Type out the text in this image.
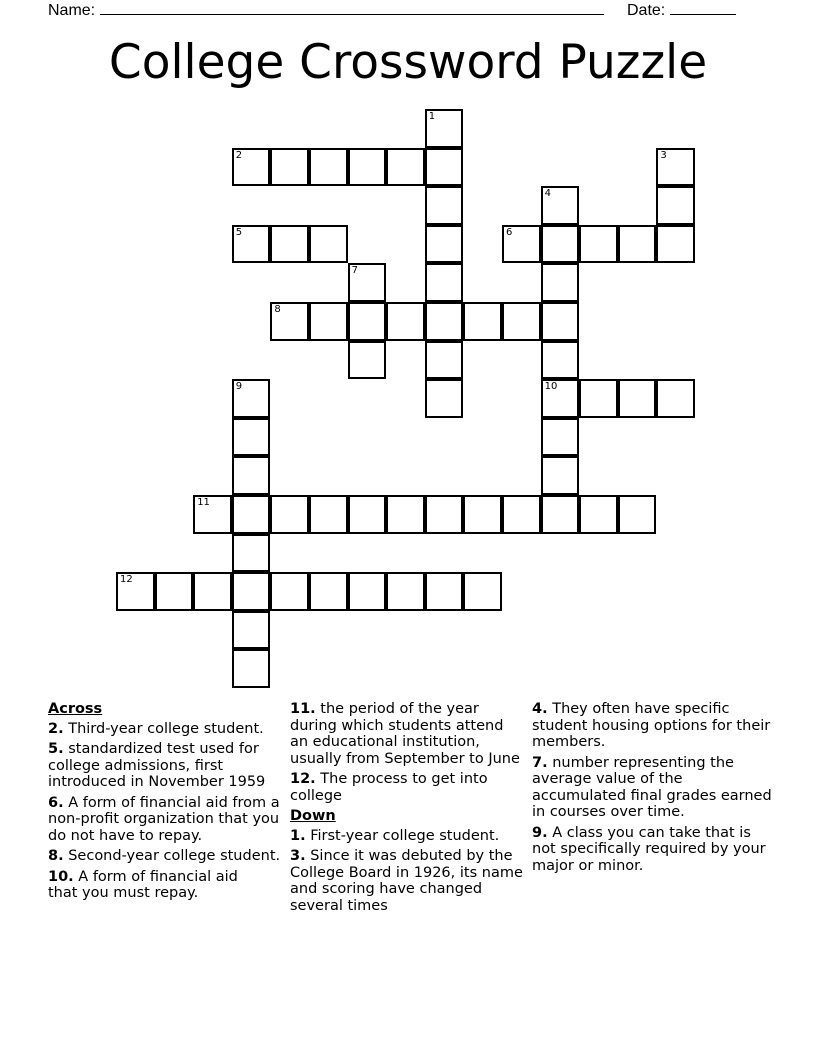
Name:	Date:
College Crossword Puzzle
1
2	3
4
10
5	6
7
8
9
11
12
Across
2. Third-year college student.
5. standardized test used for college admissions, first introduced in November 1959
6. A form of financial aid from a non-profit organization that you do not have to repay.
8. Second-year college student.
10. A form of financial aid that you must repay.
11. the period of the year during which students attend an educational institution, usually from September to June
12. The process to get into college
Down
1. First-year college student.
3. Since it was debuted by the College Board in 1926, its name and scoring have changed several times
4. They often have specific student housing options for their members.
7. number representing the average value of the accumulated final grades earned in courses over time.
9. A class you can take that is not specifically required by your major or minor.
